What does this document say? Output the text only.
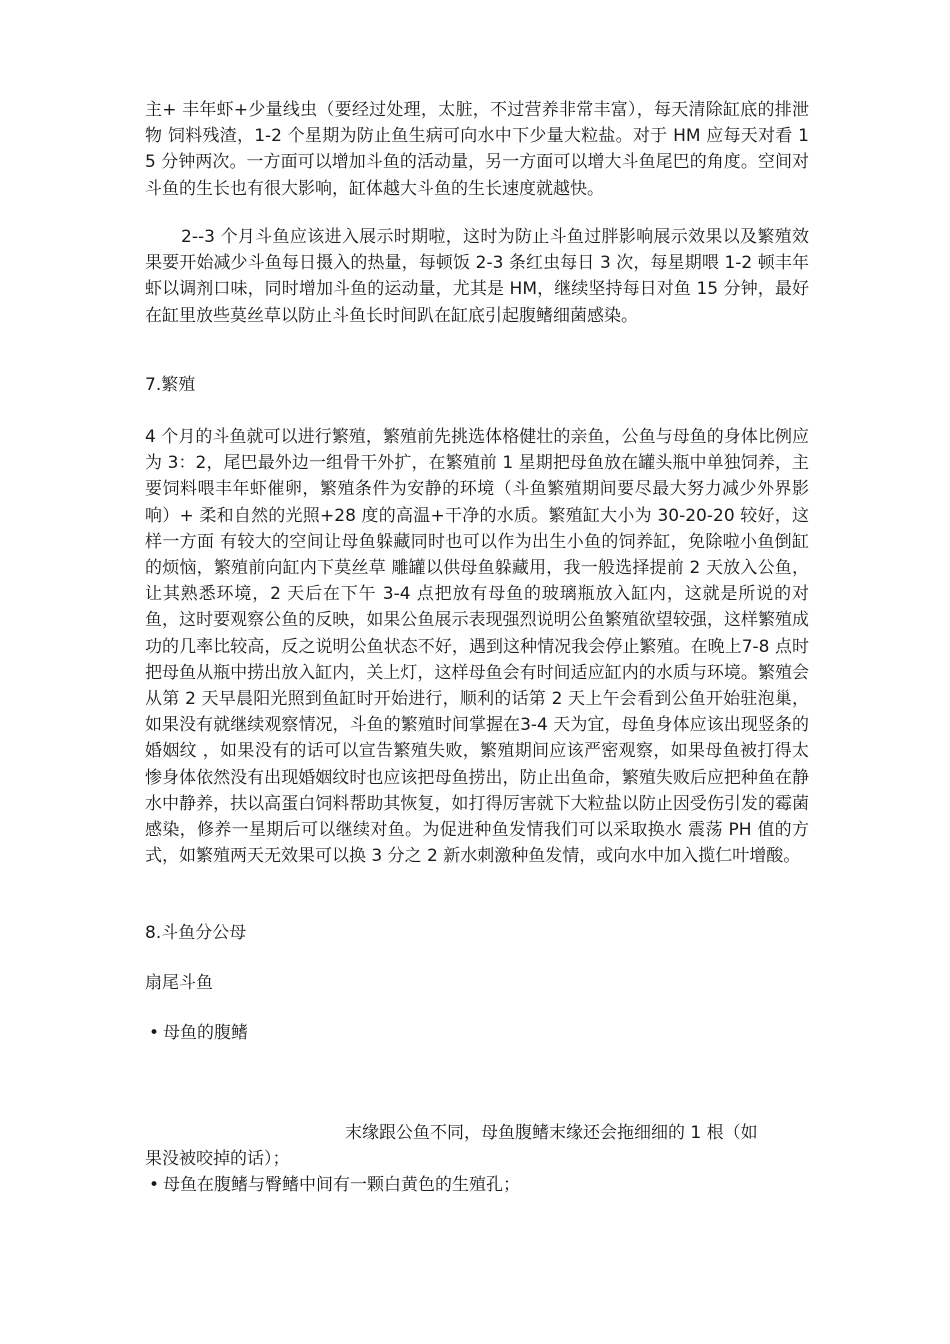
主+ 丰年虾+少量线虫（要经过处理，太脏，不过营养非常丰富），每天清除缸底的排泄物 饲料残渣，1-2 个星期为防止鱼生病可向水中下少量大粒盐。对于 HM 应每天对看 15 分钟两次。一方面可以增加斗鱼的活动量，另一方面可以增大斗鱼尾巴的角度。空间对斗鱼的生长也有很大影响，缸体越大斗鱼的生长速度就越快。
2--3 个月斗鱼应该进入展示时期啦，这时为防止斗鱼过胖影响展示效果以及繁殖效果要开始减少斗鱼每日摄入的热量，每顿饭 2-3 条红虫每日 3 次，每星期喂 1-2 顿丰年虾以调剂口味，同时增加斗鱼的运动量，尤其是 HM，继续坚持每日对鱼 15 分钟，最好在缸里放些莫丝草以防止斗鱼长时间趴在缸底引起腹鳍细菌感染。
7.繁殖
4 个月的斗鱼就可以进行繁殖，繁殖前先挑选体格健壮的亲鱼，公鱼与母鱼的身体比例应为 3：2，尾巴最外边一组骨干外扩，在繁殖前 1 星期把母鱼放在罐头瓶中单独饲养，主要饲料喂丰年虾催卵，繁殖条件为安静的环境（斗鱼繁殖期间要尽最大努力减少外界影响）+ 柔和自然的光照+28 度的高温+干净的水质。繁殖缸大小为 30-20-20 较好，这样一方面 有较大的空间让母鱼躲藏同时也可以作为出生小鱼的饲养缸，免除啦小鱼倒缸的烦恼，繁殖前向缸内下莫丝草 雕罐以供母鱼躲藏用，我一般选择提前 2 天放入公鱼，让其熟悉环境，2 天后在下午 3-4 点把放有母鱼的玻璃瓶放入缸内，这就是所说的对鱼，这时要观察公鱼的反映，如果公鱼展示表现强烈说明公鱼繁殖欲望较强，这样繁殖成功的几率比较高，反之说明公鱼状态不好，遇到这种情况我会停止繁殖。在晚上7-8 点时把母鱼从瓶中捞出放入缸内，关上灯，这样母鱼会有时间适应缸内的水质与环境。繁殖会从第 2 天早晨阳光照到鱼缸时开始进行，顺利的话第 2 天上午会看到公鱼开始驻泡巢，如果没有就继续观察情况，斗鱼的繁殖时间掌握在3-4 天为宜，母鱼身体应该出现竖条的婚姻纹 ，如果没有的话可以宣告繁殖失败，繁殖期间应该严密观察，如果母鱼被打得太惨身体依然没有出现婚姻纹时也应该把母鱼捞出，防止出鱼命，繁殖失败后应把种鱼在静水中静养，扶以高蛋白饲料帮助其恢复，如打得厉害就下大粒盐以防止因受伤引发的霉菌感染，修养一星期后可以继续对鱼。为促进种鱼发情我们可以采取换水 震荡 PH 值的方式，如繁殖两天无效果可以换 3 分之 2 新水刺激种鱼发情，或向水中加入揽仁叶增酸。
8.斗鱼分公母
扇尾斗鱼
• 母鱼的腹鳍
末缘跟公鱼不同，母鱼腹鳍末缘还会拖细细的 1 根（如
果没被咬掉的话）；
• 母鱼在腹鳍与臀鳍中间有一颗白黄色的生殖孔；
